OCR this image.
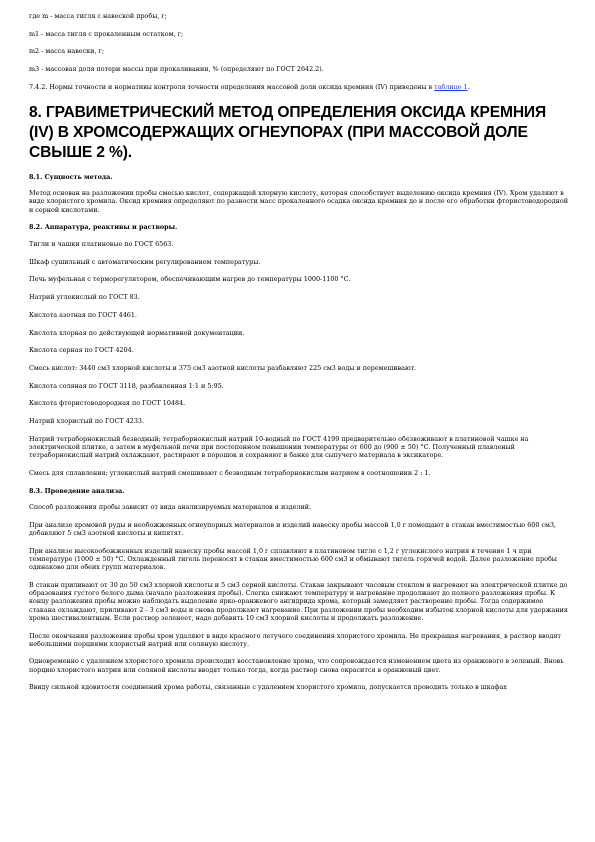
где m - масса тигля с навеской пробы, г;

m1 - масса тигля с прокаленным остатком, г;

m2 - масса навески, г;

m3 - массовая доля потери массы при прокаливании, % (определяют по ГОСТ 2642.2).

7.4.2. Нормы точности и нормативы контроля точности определения массовой доли оксида кремния (IV) приведены в таблице 1.

8. ГРАВИМЕТРИЧЕСКИЙ МЕТОД ОПРЕДЕЛЕНИЯ ОКСИДА КРЕМНИЯ (IV) В ХРОМСОДЕРЖАЩИХ ОГНЕУПОРАХ (ПРИ МАССОВОЙ ДОЛЕ СВЫШЕ 2 %).

8.1. Сущность метода.

Метод основан на разложении пробы смесью кислот, содержащей хлорную кислоту, которая способствует выделению оксида кремния (IV). Хром удаляют в виде хлористого хромила. Оксид кремния определяют по разности масс прокаленного осадка оксида кремния до и после его обработки фтористоводородной и серной кислотами.

8.2. Аппаратура, реактивы и растворы.

Тигли и чашки платиновые по ГОСТ 6563.

Шкаф сушильный с автоматическим регулированием температуры.

Печь муфельная с терморегулятором, обеспечивающим нагрев до температуры 1000-1100 °С.

Натрий углекислый по ГОСТ 83.

Кислота азотная по ГОСТ 4461.

Кислота хлорная по действующей нормативной документации.

Кислота серная по ГОСТ 4204.

Смесь кислот: 3440 см3 хлорной кислоты и 375 см3 азотной кислоты разбавляют 225 см3 воды и перемешивают.

Кислота соляная по ГОСТ 3118, разбавленная 1:1 и 5:95.

Кислота фтористоводородная по ГОСТ 10484.

Натрий хлористый по ГОСТ 4233.

Натрий тетраборнокислый безводный; тетраборнокислый натрий 10-водный по ГОСТ 4199 предварительно обезвоживают в платиновой чашке на электрической плитке, а затем в муфельной печи при постепенном повышении температуры от 600 до (900 ± 50) °С. Полученный плавленый тетраборнокислый натрий охлаждают, растирают в порошок и сохраняют в банке для сыпучего материала в эксикаторе.

Смесь для сплавления; углекислый натрий смешивают с безводным тетраборнокислым натрием в соотношении 2 : 1.

8.3. Проведение анализа.

Способ разложения пробы зависит от вида анализируемых материалов и изделий.

При анализе хромовой руды и необожженных огнеупорных материалов и изделий навеску пробы массой 1,0 г помещают в стакан вместимостью 600 см3, добавляют 5 см3 азотной кислоты и кипятят.

При анализе высокообожженных изделий навеску пробы массой 1,0 г сплавляют в платиновом тигле с 1,2 г углекислого натрия в течение 1 ч при температуре (1000 ± 50) °С. Охлажденный тигель переносят в стакан вместимостью 600 см3 и обмывают тигель горячей водой. Далее разложение пробы одинаково для обеих групп материалов.

В стакан приливают от 30 до 50 см3 хлорной кислоты и 5 см3 серной кислоты. Стакан закрывают часовым стеклом и нагревают на электрической плитке до образования густого белого дыма (начало разложения пробы). Слегка снижают температуру и нагревание продолжают до полного разложения пробы. К концу разложения пробы можно наблюдать выделение ярко-оранжевого ангидрида хрома, который замедляет растворение пробы. Тогда содержимое стакана охлаждают, приливают 2 - 3 см3 воды и снова продолжают нагревание. При разложении пробы необходим избыток хлорной кислоты для удержания хрома шестивалентным. Если раствор зеленеет, надо добавить 10 см3 хлорной кислоты и продолжать разложение.

После окончания разложения пробы хром удаляют в виде красного летучего соединения хлористого хромила. Не прекращая нагревания, в раствор вводят небольшими порциями хлористый натрий или соляную кислоту.

Одновременно с удалением хлористого хромила происходит восстановление хрома, что сопровождается изменением цвета из оранжевого в зеленый. Вновь порцию хлористого натрия или соляной кислоты вводят только тогда, когда раствор снова окрасится в оранжевый цвет.

Ввиду сильной ядовитости соединений хрома работы, связанные с удалением хлористого хромила, допускается проводить только в шкафах
